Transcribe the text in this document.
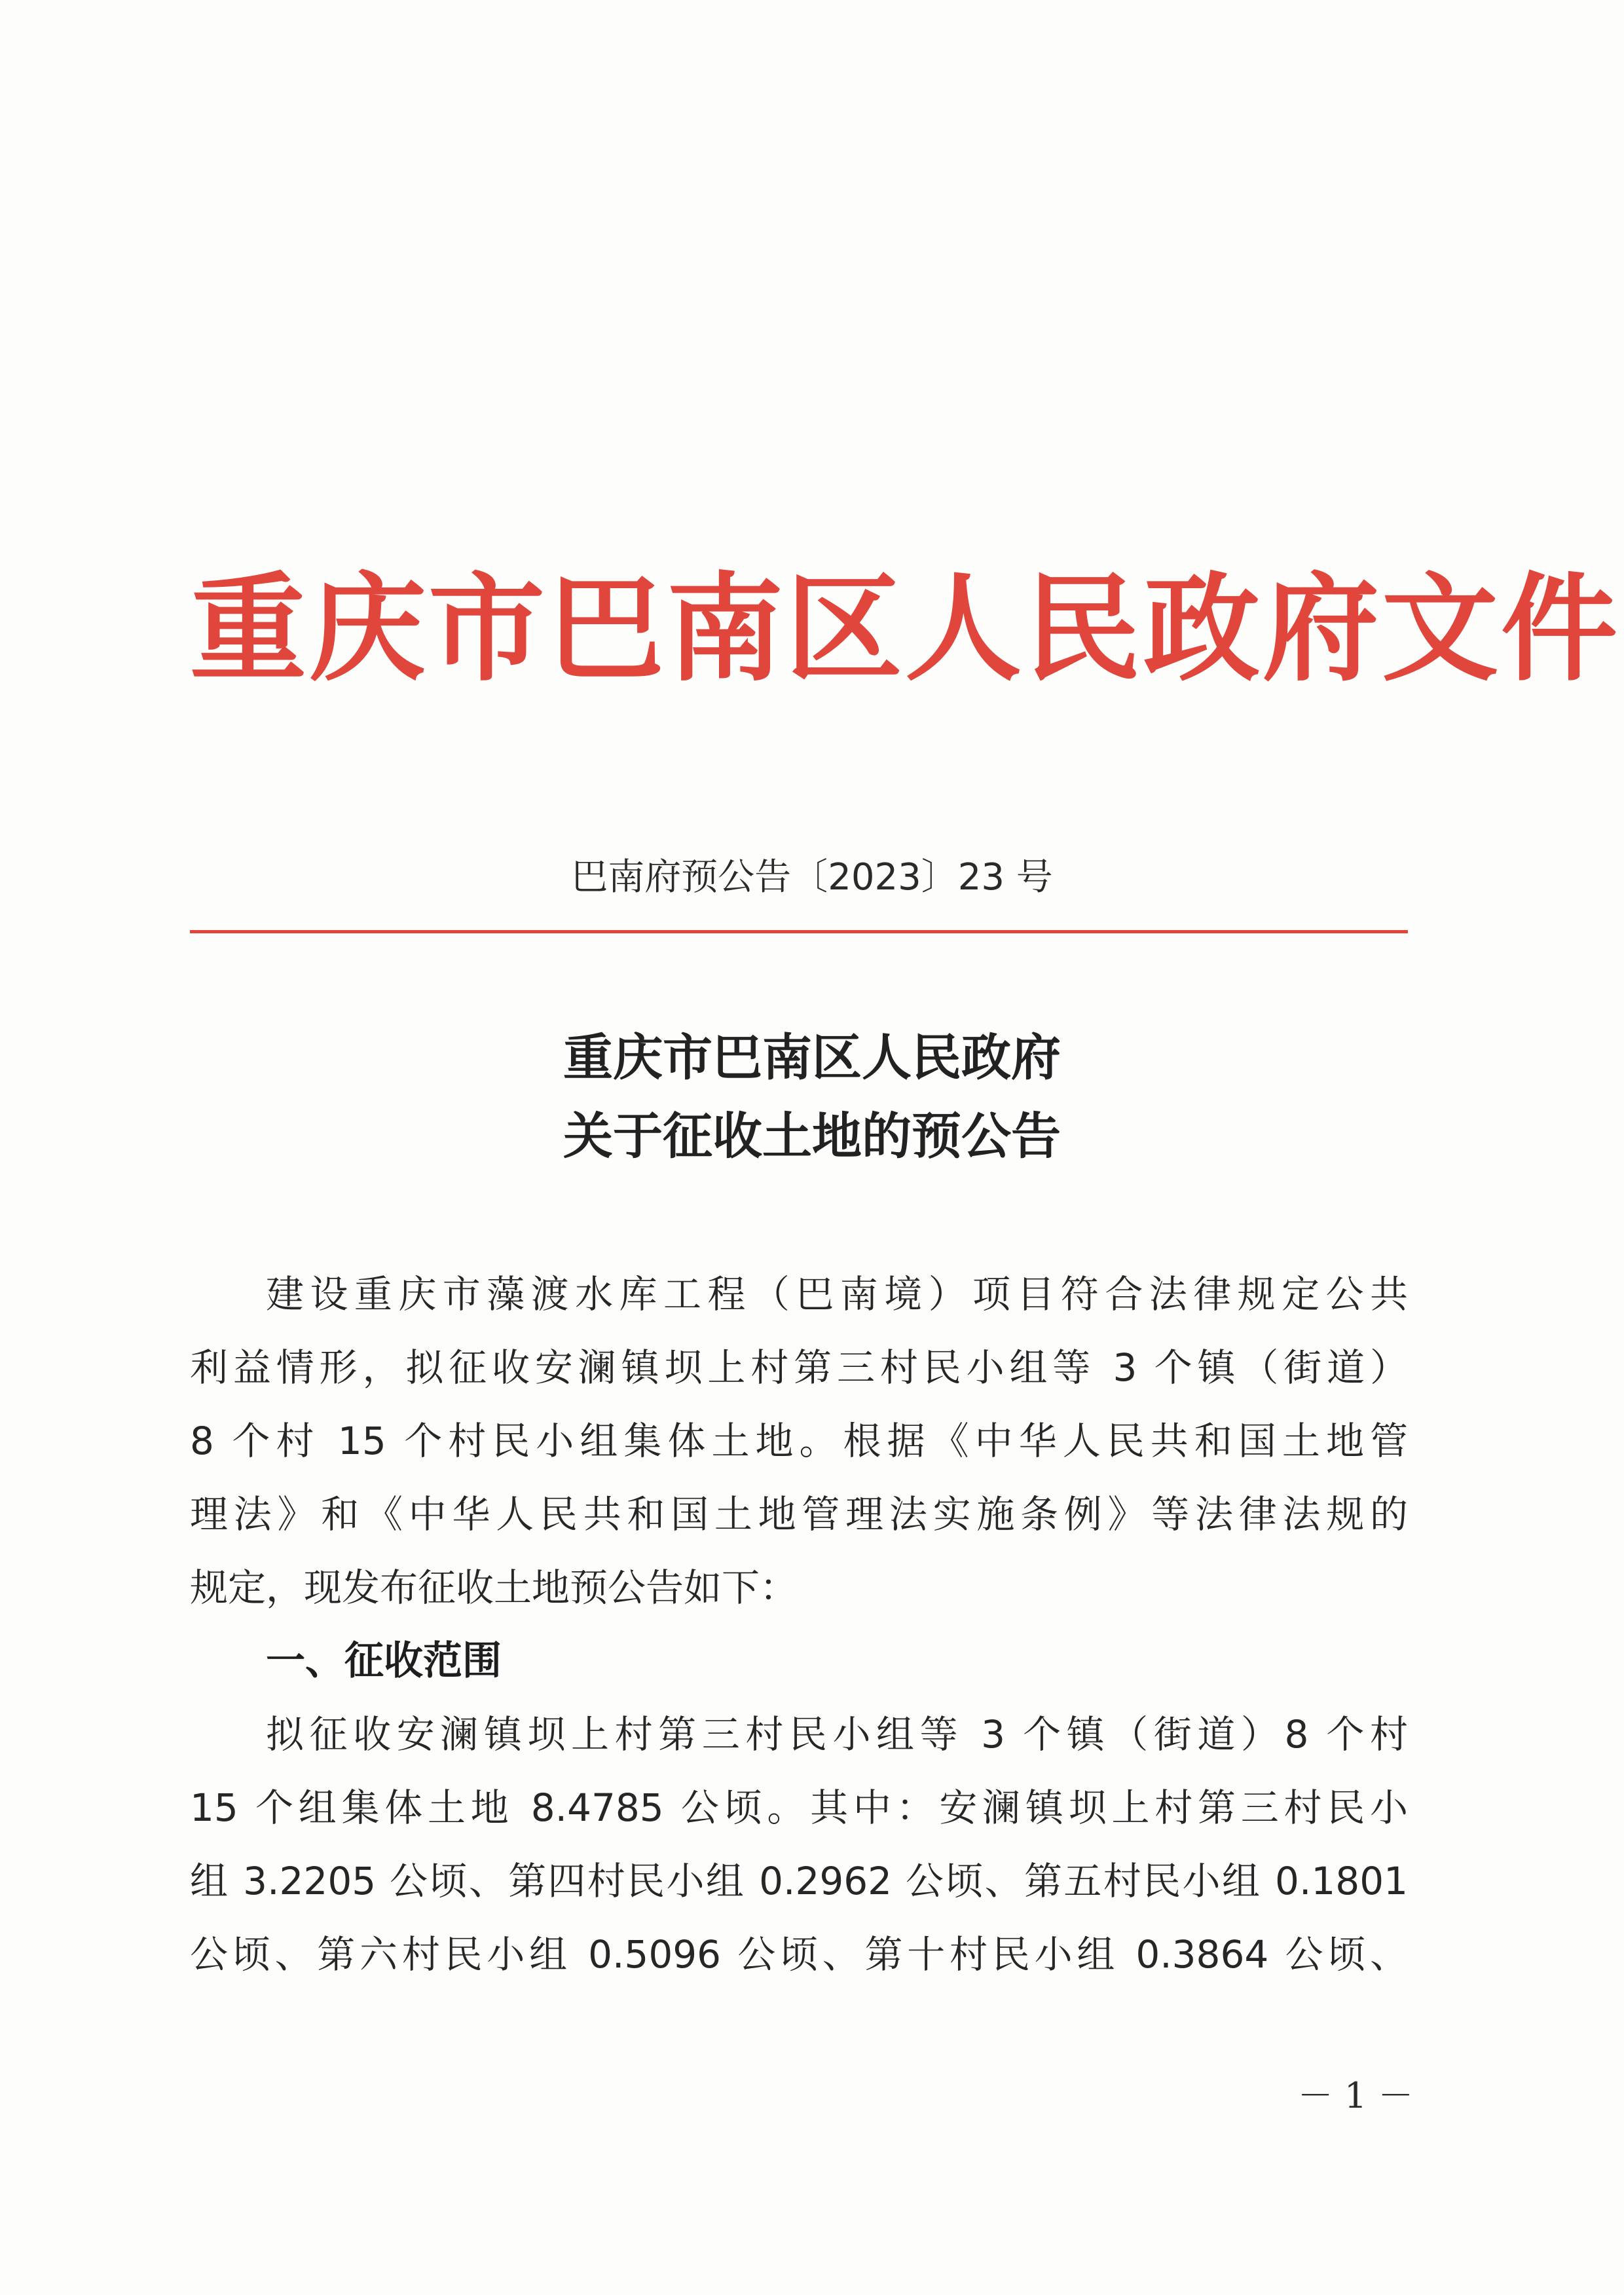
重庆市巴南区人民政府文件
巴南府预公告〔2023〕23 号
重庆市巴南区人民政府
关于征收土地的预公告
建设重庆市藻渡水库工程（巴南境）项目符合法律规定公共
利益情形，拟征收安澜镇坝上村第三村民小组等 3 个镇（街道）
8 个村 15 个村民小组集体土地。根据《中华人民共和国土地管
理法》和《中华人民共和国土地管理法实施条例》等法律法规的
规定，现发布征收土地预公告如下：
一、征收范围
拟征收安澜镇坝上村第三村民小组等 3 个镇（街道）8 个村
15 个组集体土地 8.4785 公顷。其中：安澜镇坝上村第三村民小
组 3.2205 公顷、第四村民小组 0.2962 公顷、第五村民小组 0.1801
公顷、第六村民小组 0.5096 公顷、第十村民小组 0.3864 公顷、
－ 1 －
